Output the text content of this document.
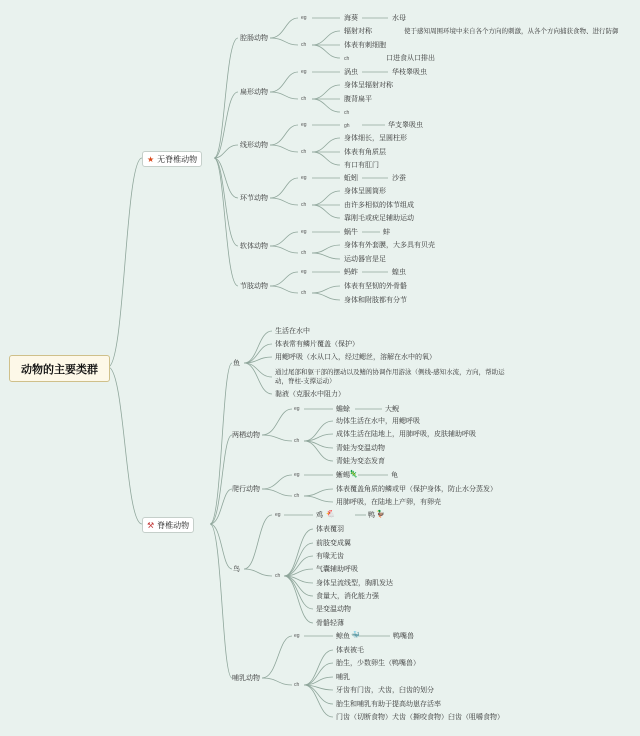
动物的主要类群
★ 无脊椎动物
⚒ 脊椎动物
腔肠动物
扁形动物
线形动物
环节动物
软体动物
节肢动物
eg
ch
eg
ch
eg
ch
eg
ch
eg
ch
eg
ch
海葵	水母
辐射对称	使于感知周围环境中来自各个方向的刺激，从各个方向捕获食物、进行防御
体表有刺细胞
ch	口进食从口排出
涡虫	华枝睾吸虫
身体呈辐射对称
腹背扁平
ch
gh	华支睾吸虫
身体细长，呈圆柱形
体表有角质层
有口有肛门
蚯蚓	沙蚕
身体呈圆筒形
由许多相似的体节组成
靠刚毛或疣足辅助运动
蜗牛	蚌
身体有外套膜，大多具有贝壳
运动器官是足
蚂蚱	蝗虫
体表有坚韧的外骨骼
身体和附肢都有分节
鱼
两栖动物
爬行动物
鸟
哺乳动物
生活在水中
体表常有鳞片覆盖（保护）
用鳃呼吸（水从口入，经过鳃丝，溶解在水中的氧）
通过尾部和躯干部的摆动以及鳍的协调作用游泳（侧线-感知水流，方向，帮助运
动，脊柱-支撑运动）
黏液（克服水中阻力）
eg
ch
eg
ch
eg
ch
eg
ch
蟾蜍	大鲵
幼体生活在水中，用鳃呼吸
成体生活在陆地上，用肺呼吸，皮肤辅助呼吸
青蛙为变温动物
青蛙为变态发育
蜥蜴 🦎	龟
体表覆盖角质的鳞或甲（保护身体，防止水分蒸发）
用肺呼吸，在陆地上产卵，有卵壳
鸡 🐔	鸭 🦆
体表覆羽
前肢变成翼
有喙无齿
气囊辅助呼吸
身体呈流线型，胸肌发达
食量大，消化能力强
是变温动物
骨骼轻薄
鲸鱼 🐳	鸭嘴兽
体表被毛
胎生，少数卵生（鸭嘴兽）
哺乳
牙齿有门齿，犬齿，臼齿的划分
胎生和哺乳有助于提高幼崽存活率
门齿（切断食物）犬齿（撕咬食物）臼齿（咀嚼食物）
